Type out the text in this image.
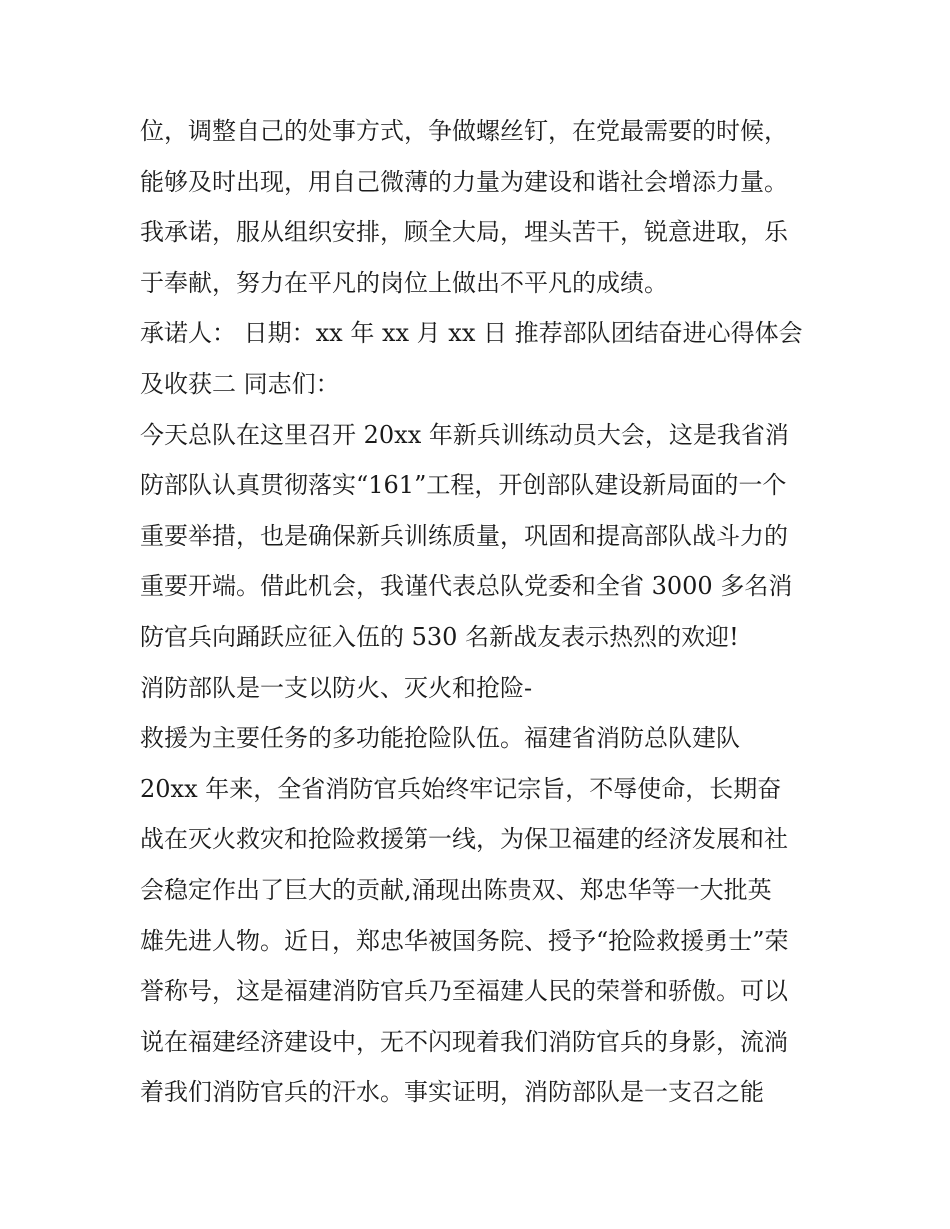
位，调整自己的处事方式，争做螺丝钉，在党最需要的时候，
能够及时出现，用自己微薄的力量为建设和谐社会增添力量。
我承诺，服从组织安排，顾全大局，埋头苦干，锐意进取，乐
于奉献，努力在平凡的岗位上做出不平凡的成绩。
承诺人： 日期：xx 年 xx 月 xx 日 推荐部队团结奋进心得体会
及收获二 同志们：
今天总队在这里召开 20xx 年新兵训练动员大会，这是我省消
防部队认真贯彻落实“161”工程，开创部队建设新局面的一个
重要举措，也是确保新兵训练质量，巩固和提高部队战斗力的
重要开端。借此机会，我谨代表总队党委和全省 3000 多名消
防官兵向踊跃应征入伍的 530 名新战友表示热烈的欢迎!
消防部队是一支以防火、灭火和抢险-
救援为主要任务的多功能抢险队伍。福建省消防总队建队
20xx 年来，全省消防官兵始终牢记宗旨，不辱使命，长期奋
战在灭火救灾和抢险救援第一线，为保卫福建的经济发展和社
会稳定作出了巨大的贡献,涌现出陈贵双、郑忠华等一大批英
雄先进人物。近日，郑忠华被国务院、授予“抢险救援勇士”荣
誉称号，这是福建消防官兵乃至福建人民的荣誉和骄傲。可以
说在福建经济建设中，无不闪现着我们消防官兵的身影，流淌
着我们消防官兵的汗水。事实证明，消防部队是一支召之能
